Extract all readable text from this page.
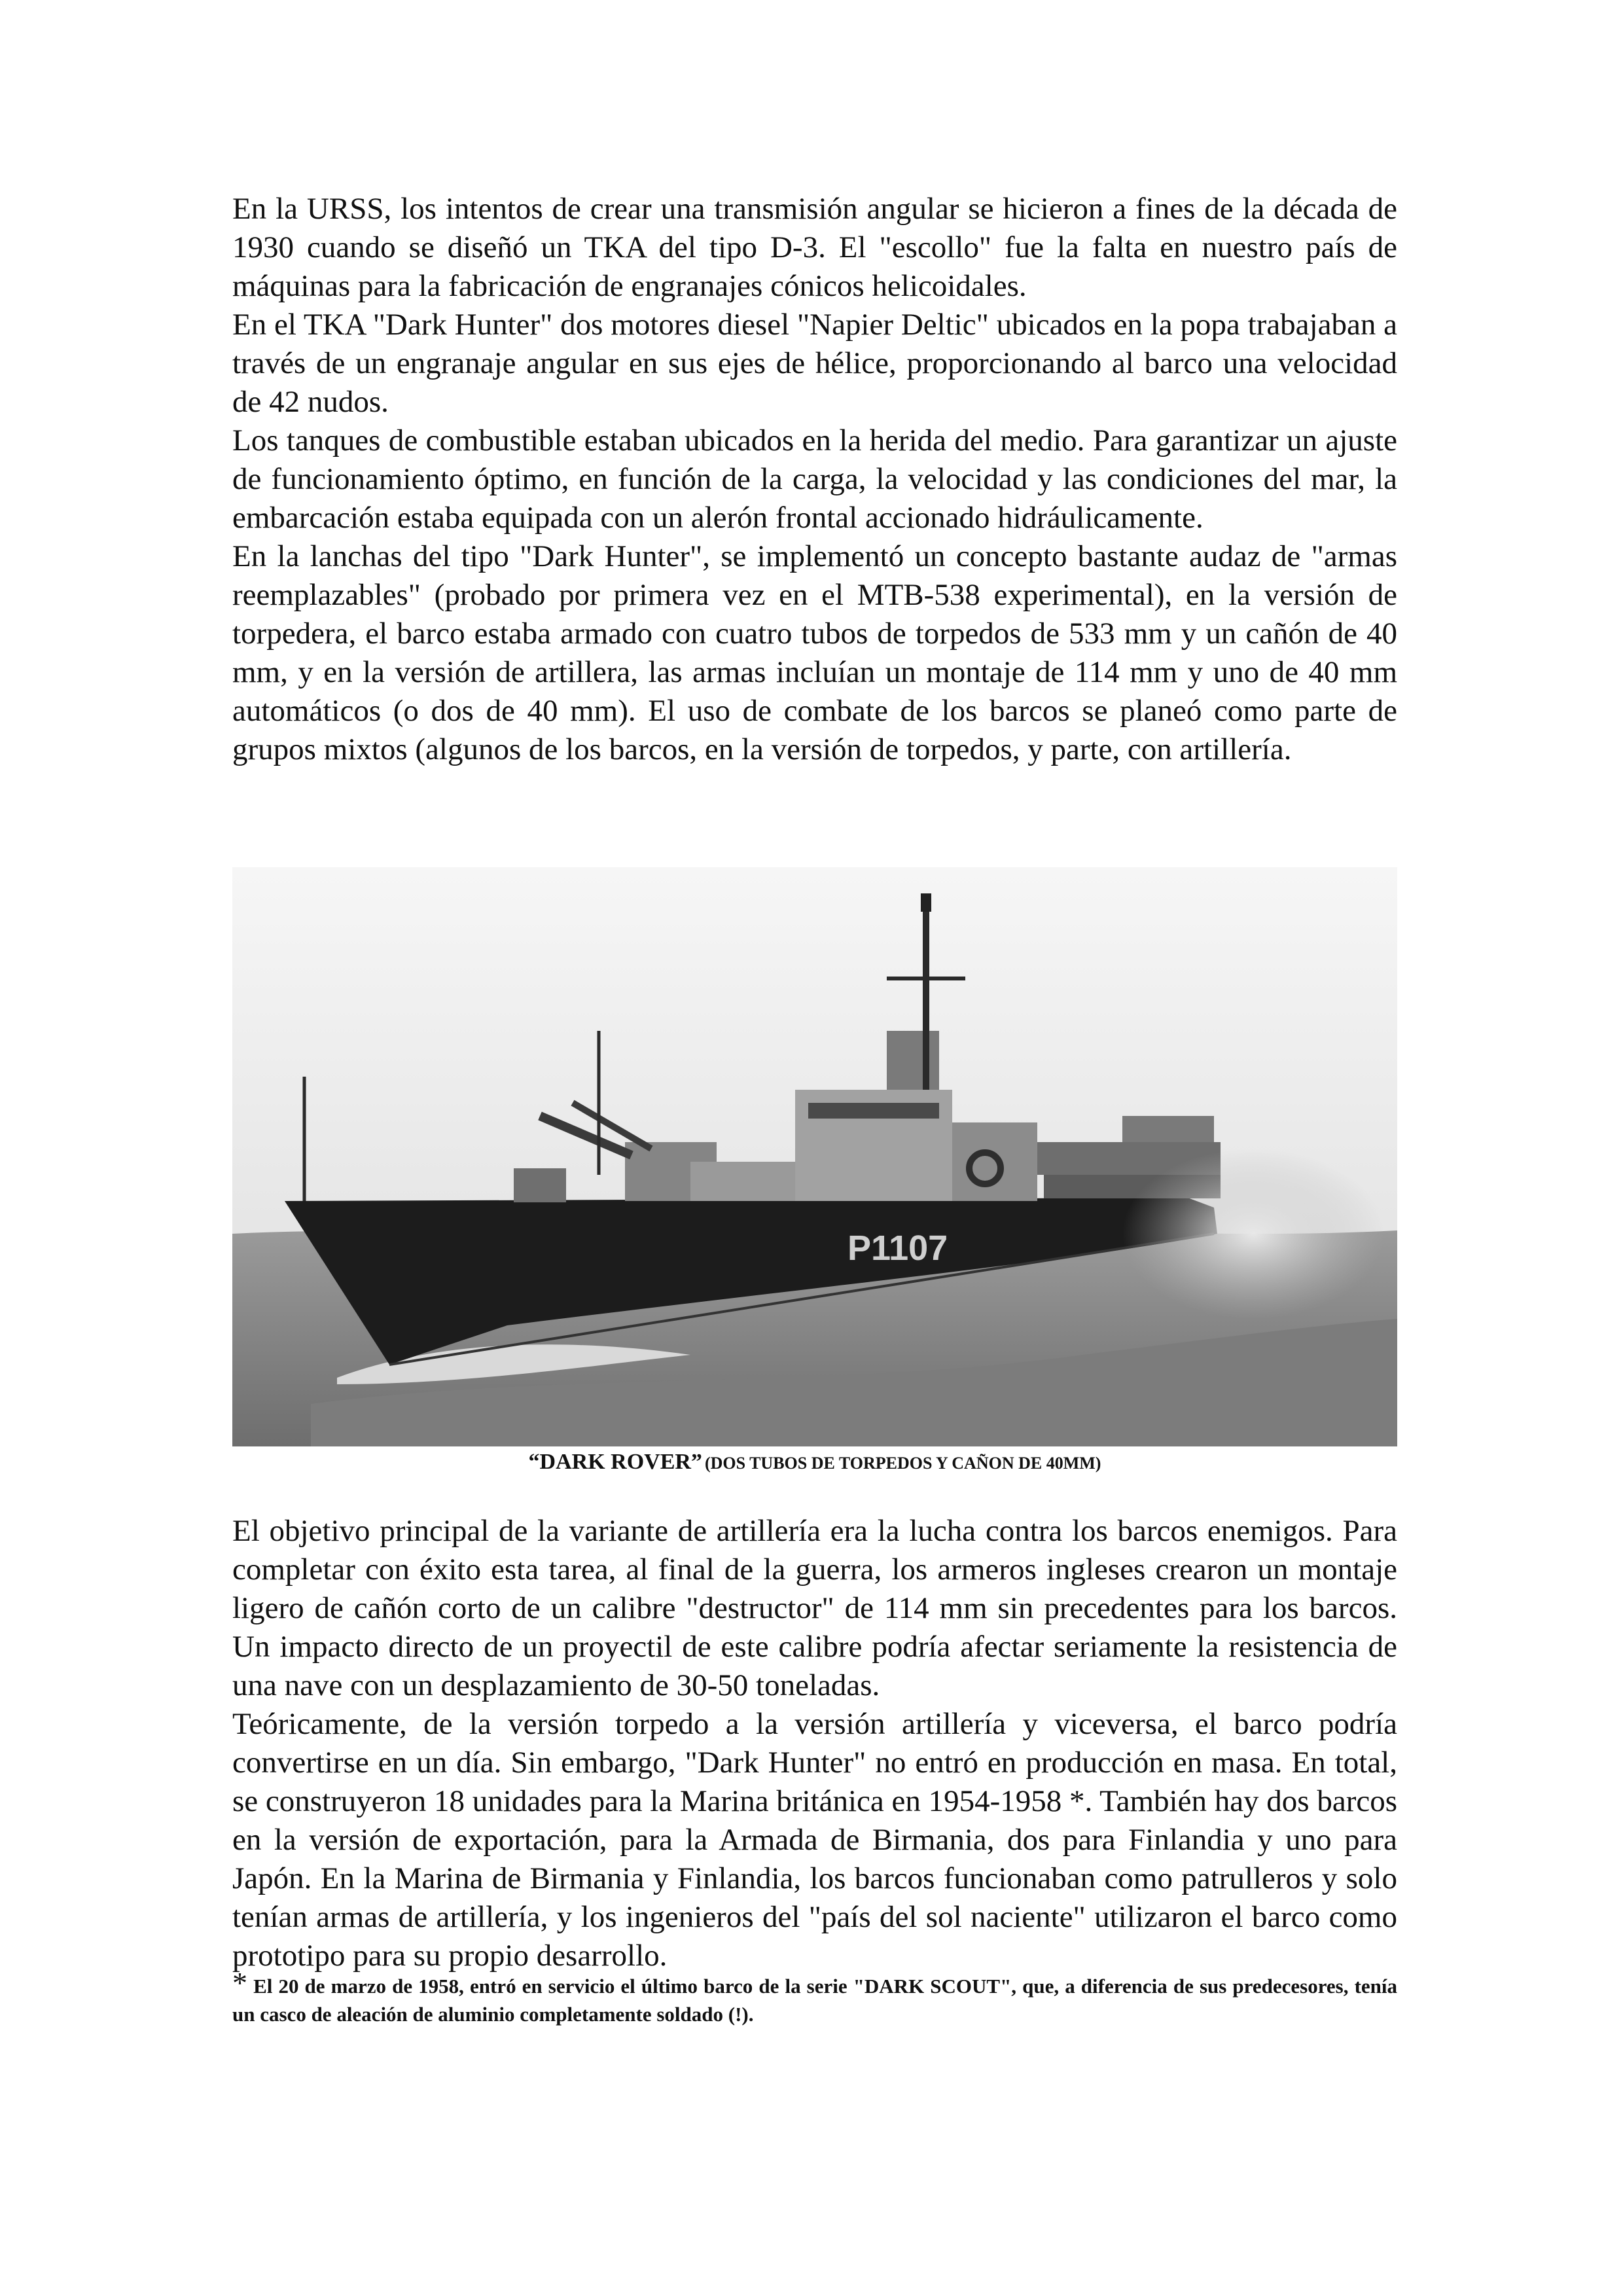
En la URSS, los intentos de crear una transmisión angular se hicieron a fines de la década de 1930 cuando se diseñó un TKA del tipo D-3. El "escollo" fue la falta en nuestro país de máquinas para la fabricación de engranajes cónicos helicoidales.

En el TKA "Dark Hunter" dos motores diesel "Napier Deltic" ubicados en la popa trabajaban a través de un engranaje angular en sus ejes de hélice, proporcionando al barco una velocidad de 42 nudos.

Los tanques de combustible estaban ubicados en la herida del medio. Para garantizar un ajuste de funcionamiento óptimo, en función de la carga, la velocidad y las condiciones del mar, la embarcación estaba equipada con un alerón frontal accionado hidráulicamente.

En la lanchas del tipo "Dark Hunter", se implementó un concepto bastante audaz de "armas reemplazables" (probado por primera vez en el MTB-538 experimental), en la versión de torpedera, el barco estaba armado con cuatro tubos de torpedos de 533 mm y un cañón de 40 mm, y en la versión de artillera, las armas incluían un montaje de 114 mm y uno de 40 mm automáticos (o dos de 40 mm). El uso de combate de los barcos se planeó como parte de grupos mixtos (algunos de los barcos, en la versión de torpedos, y parte, con artillería.

P1107
“DARK ROVER” (DOS TUBOS DE TORPEDOS Y CAÑON DE 40MM)

El objetivo principal de la variante de artillería era la lucha contra los barcos enemigos. Para completar con éxito esta tarea, al final de la guerra, los armeros ingleses crearon un montaje ligero de cañón corto de un calibre "destructor" de 114 mm sin precedentes para los barcos. Un impacto directo de un proyectil de este calibre podría afectar seriamente la resistencia de una nave con un desplazamiento de 30-50 toneladas.

Teóricamente, de la versión torpedo a la versión artillería y viceversa, el barco podría convertirse en un día. Sin embargo, "Dark Hunter" no entró en producción en masa. En total, se construyeron 18 unidades para la Marina británica en 1954-1958 *. También hay dos barcos en la versión de exportación, para la Armada de Birmania, dos para Finlandia y uno para Japón. En la Marina de Birmania y Finlandia, los barcos funcionaban como patrulleros y solo tenían armas de artillería, y los ingenieros del "país del sol naciente" utilizaron el barco como prototipo para su propio desarrollo.

* El 20 de marzo de 1958, entró en servicio el último barco de la serie "DARK SCOUT", que, a diferencia de sus predecesores, tenía un casco de aleación de aluminio completamente soldado (!).
